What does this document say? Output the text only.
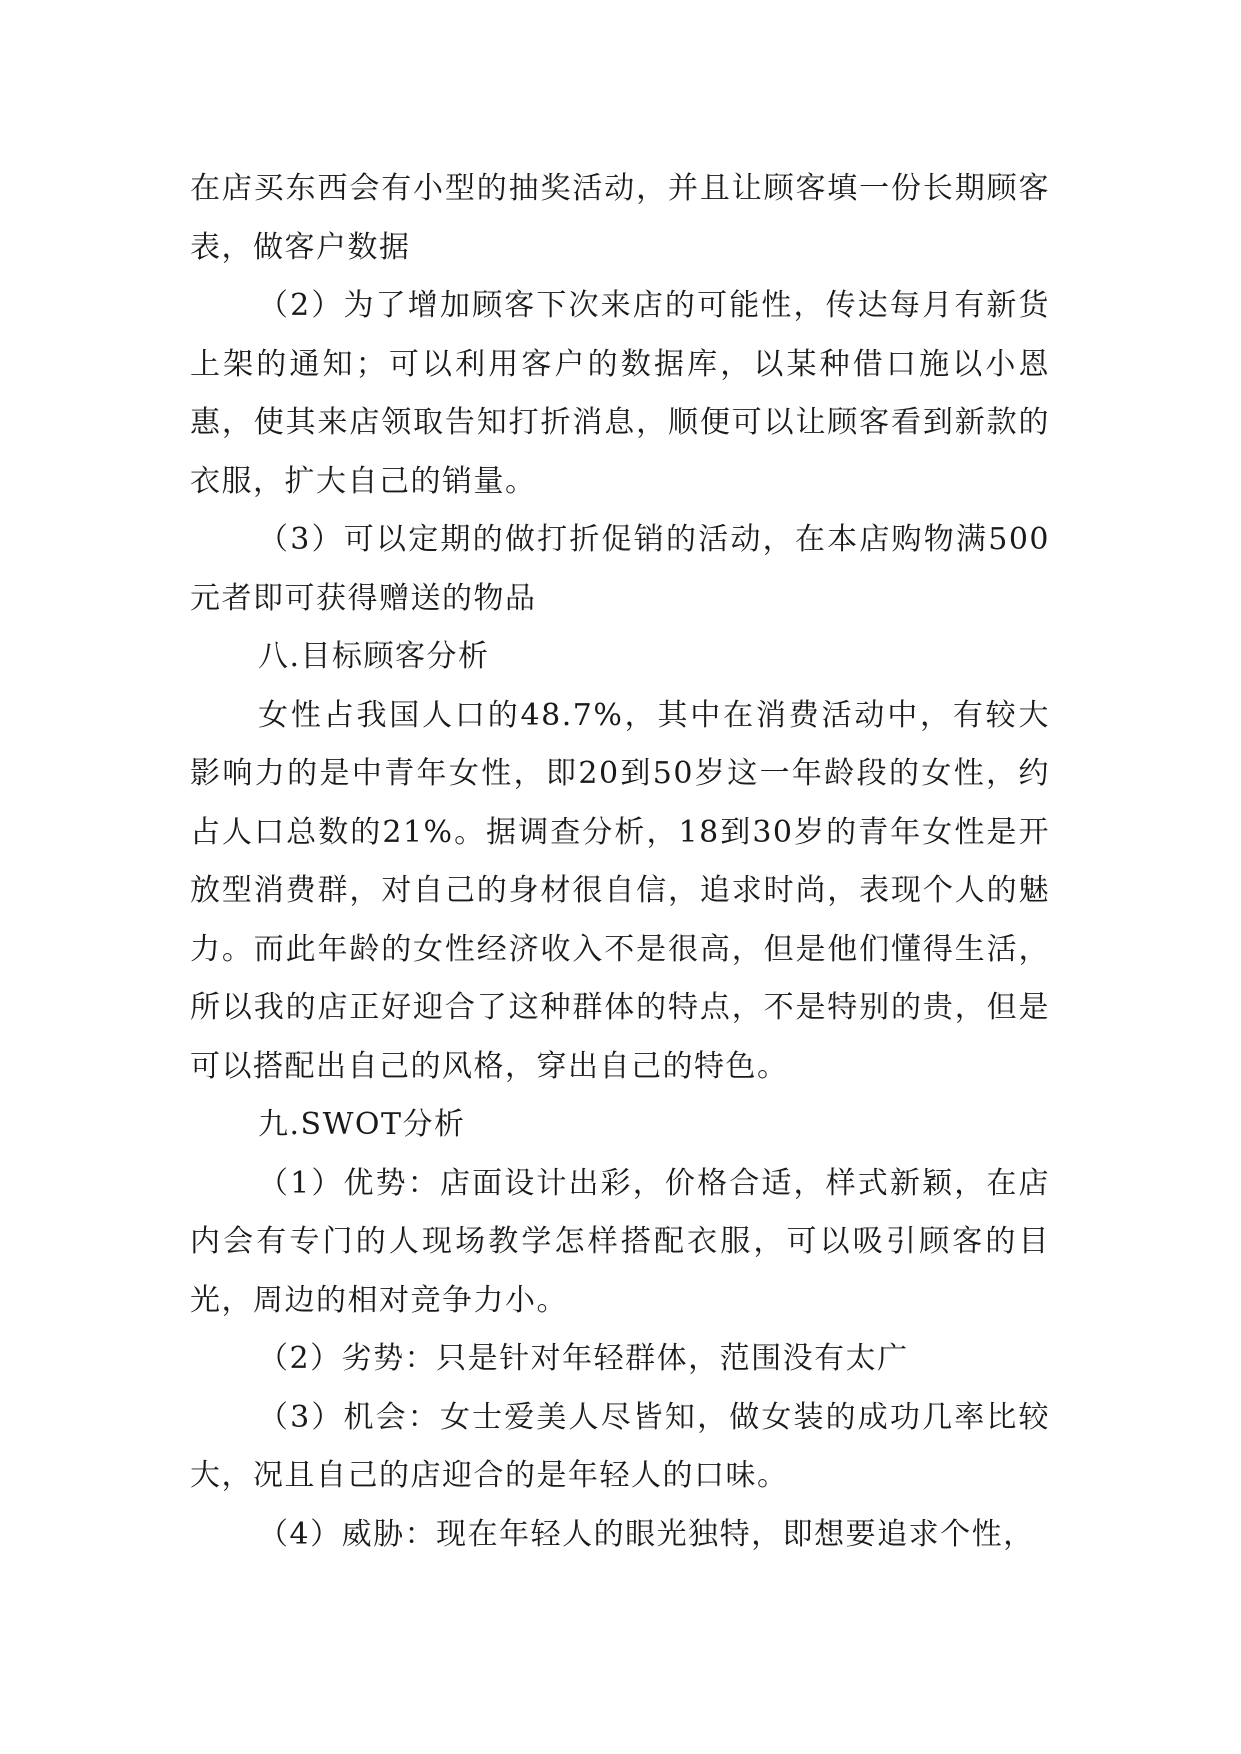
在店买东西会有小型的抽奖活动，并且让顾客填一份长期顾客表，做客户数据

（2）为了增加顾客下次来店的可能性，传达每月有新货上架的通知；可以利用客户的数据库，以某种借口施以小恩惠，使其来店领取告知打折消息，顺便可以让顾客看到新款的衣服，扩大自己的销量。

（3）可以定期的做打折促销的活动，在本店购物满500元者即可获得赠送的物品

八.目标顾客分析

女性占我国人口的48.7%，其中在消费活动中，有较大影响力的是中青年女性，即20到50岁这一年龄段的女性，约占人口总数的21%。据调查分析，18到30岁的青年女性是开放型消费群，对自己的身材很自信，追求时尚，表现个人的魅力。而此年龄的女性经济收入不是很高，但是他们懂得生活，所以我的店正好迎合了这种群体的特点，不是特别的贵，但是可以搭配出自己的风格，穿出自己的特色。

九.SWOT分析

（1）优势：店面设计出彩，价格合适，样式新颖，在店内会有专门的人现场教学怎样搭配衣服，可以吸引顾客的目光，周边的相对竞争力小。

（2）劣势：只是针对年轻群体，范围没有太广

（3）机会：女士爱美人尽皆知，做女装的成功几率比较大，况且自己的店迎合的是年轻人的口味。

（4）威胁：现在年轻人的眼光独特，即想要追求个性，
